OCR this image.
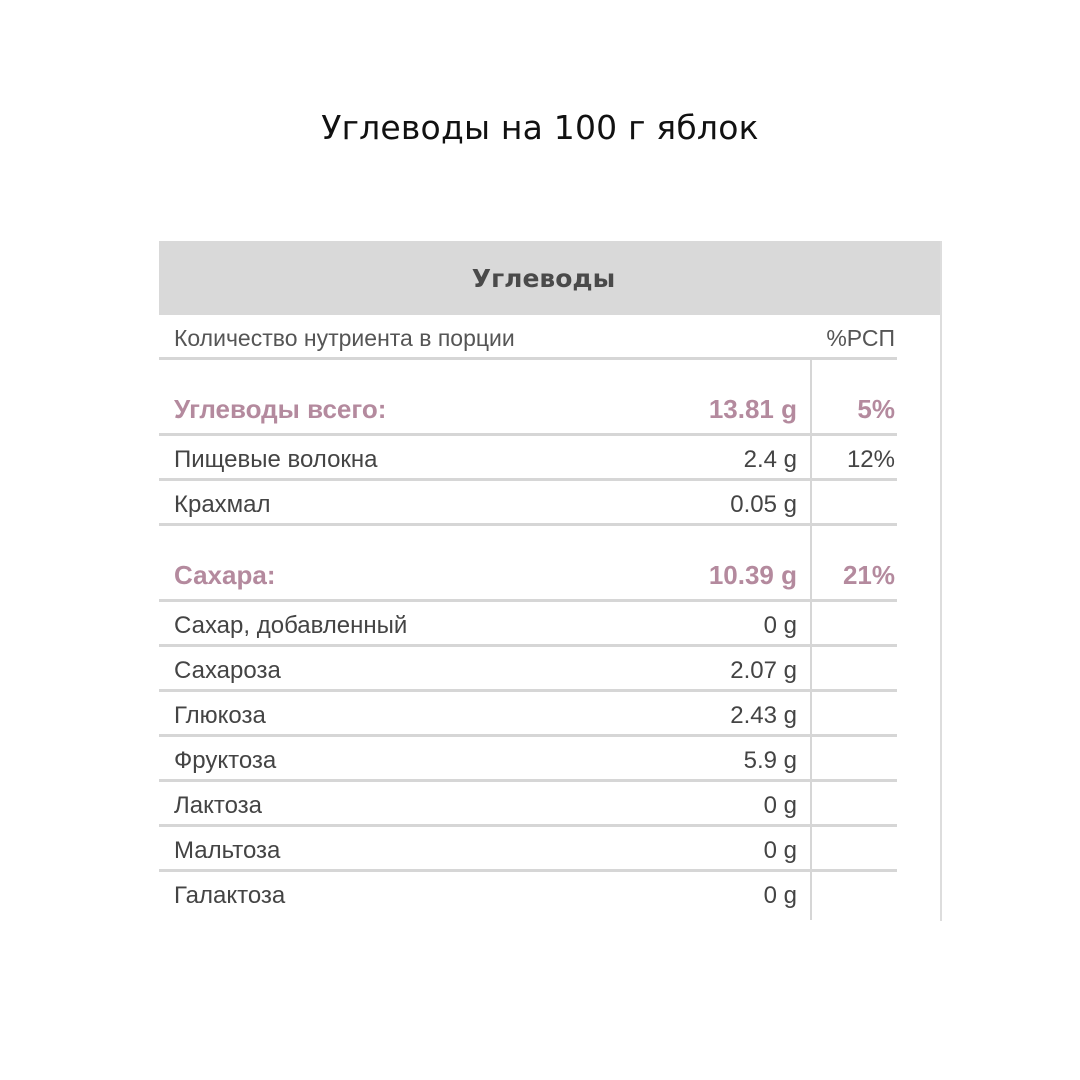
Углеводы на 100 г яблок
Углеводы
Количество нутриента в порции	%РСП
Углеводы всего:	13.81 g 5%
Пищевые волокна	2.4 g 12%
Крахмал	0.05 g
Сахара:	10.39 g 21%
Сахар, добавленный	0 g
Сахароза	2.07 g
Глюкоза	2.43 g
Фруктоза	5.9 g
Лактоза	0 g
Мальтоза	0 g
Галактоза	0 g
